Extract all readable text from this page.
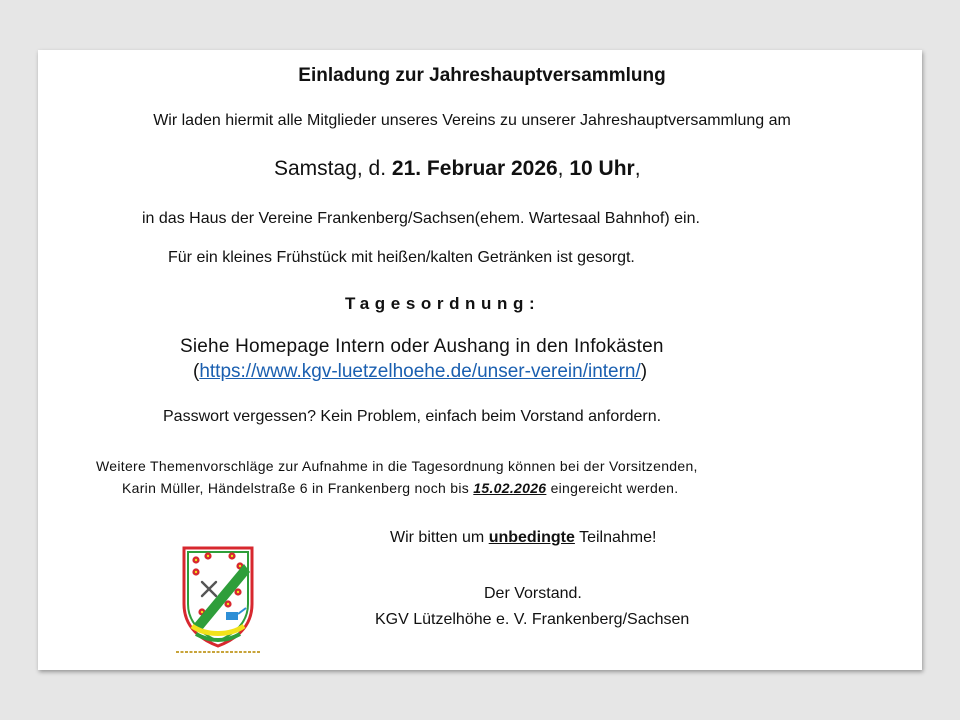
Einladung zur Jahreshauptversammlung
Wir laden hiermit alle Mitglieder unseres Vereins zu unserer Jahreshauptversammlung am
Samstag, d. 21. Februar 2026, 10 Uhr,
in das Haus der Vereine Frankenberg/Sachsen(ehem. Wartesaal Bahnhof) ein.
Für ein kleines Frühstück mit heißen/kalten Getränken ist gesorgt.
Tagesordnung:
Siehe Homepage Intern oder Aushang in den Infokästen
(https://www.kgv-luetzelhoehe.de/unser-verein/intern/)
Passwort vergessen? Kein Problem, einfach beim Vorstand anfordern.
Weitere Themenvorschläge zur Aufnahme in die Tagesordnung können bei der Vorsitzenden,
Karin Müller, Händelstraße 6 in Frankenberg noch bis 15.02.2026 eingereicht werden.
Wir bitten um unbedingte Teilnahme!
Der Vorstand.
KGV Lützelhöhe e. V. Frankenberg/Sachsen
